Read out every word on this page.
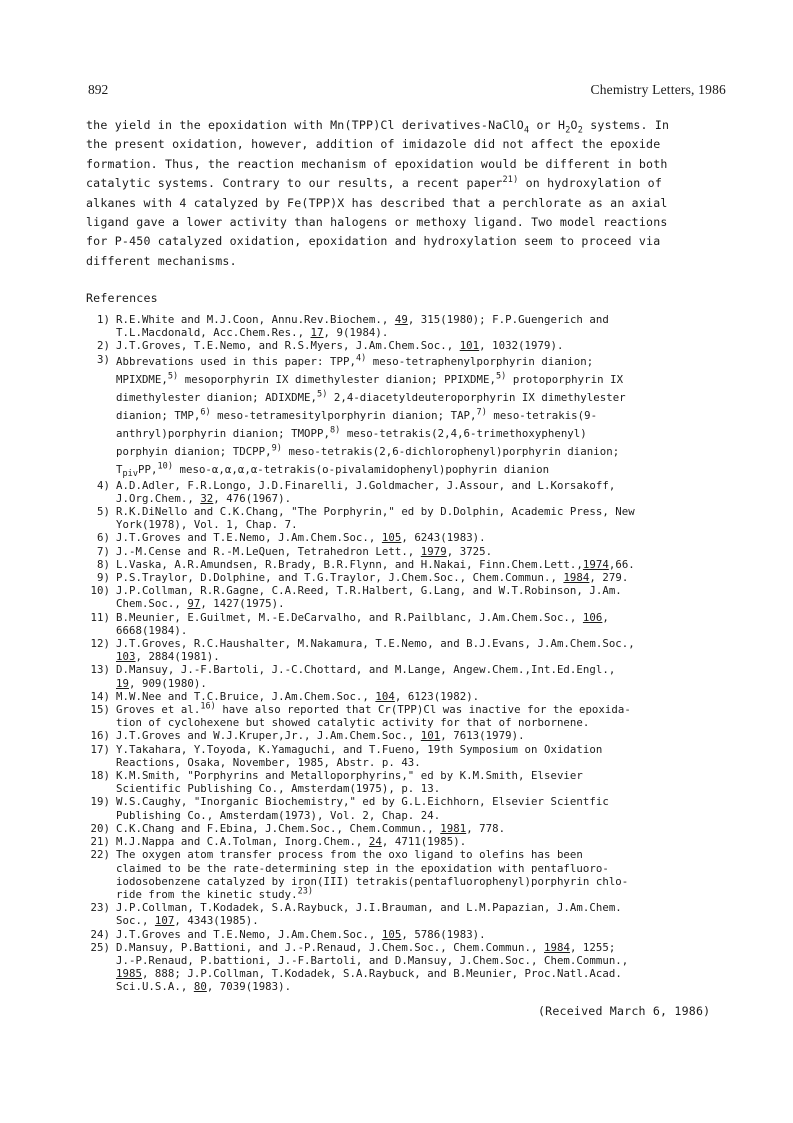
892	Chemistry Letters, 1986
the yield in the epoxidation with Mn(TPP)Cl derivatives-NaClO$_4$ or $H_2O_2$ systems. In
the present oxidation, however, addition of imidazole did not affect the epoxide
formation. Thus, the reaction mechanism of epoxidation would be different in both
catalytic systems. Contrary to our results, a recent paper$^{21)}$ on hydroxylation of
alkanes with 4 catalyzed by Fe(TPP)X has described that a perchlorate as an axial
ligand gave a lower activity than halogens or methoxy ligand. Two model reactions
for P-450 catalyzed oxidation, epoxidation and hydroxylation seem to proceed via
different mechanisms.
References
1) R.E.White and M.J.Coon, Annu.Rev.Biochem., 49, 315(1980); F.P.Guengerich and
T.L.Macdonald, Acc.Chem.Res., 17, 9(1984).
2) J.T.Groves, T.E.Nemo, and R.S.Myers, J.Am.Chem.Soc., 101, 1032(1979).
3) Abbrevations used in this paper: TPP,$^{4)}$ meso-tetraphenylporphyrin dianion;
MPIXDME,$^{5)}$ mesoporphyrin IX dimethylester dianion; PPIXDME,$^{5)}$ protoporphyrin IX
dimethylester dianion; ADIXDME,$^{5)}$ 2,4-diacetyldeuteroporphyrin IX dimethylester
dianion; TMP,$^{6)}$ meso-tetramesitylporphyrin dianion; TAP,$^{7)}$ meso-tetrakis(9-
anthryl)porphyrin dianion; TMOPP,$^{8)}$ meso-tetrakis(2,4,6-trimethoxyphenyl)
porphyin dianion; TDCPP,$^{9)}$ meso-tetrakis(2,6-dichlorophenyl)porphyrin dianion;
$T_{piv}PP,^{10)}$ meso-α,α,α,α-tetrakis(o-pivalamidophenyl)pophyrin dianion
4) A.D.Adler, F.R.Longo, J.D.Finarelli, J.Goldmacher, J.Assour, and L.Korsakoff,
J.Org.Chem., 32, 476(1967).
5) R.K.DiNello and C.K.Chang, "The Porphyrin," ed by D.Dolphin, Academic Press, New
York(1978), Vol. 1, Chap. 7.
6) J.T.Groves and T.E.Nemo, J.Am.Chem.Soc., 105, 6243(1983).
7) J.-M.Cense and R.-M.LeQuen, Tetrahedron Lett., 1979, 3725.
8) L.Vaska, A.R.Amundsen, R.Brady, B.R.Flynn, and H.Nakai, Finn.Chem.Lett.,1974,66.
9) P.S.Traylor, D.Dolphine, and T.G.Traylor, J.Chem.Soc., Chem.Commun., 1984, 279.
10) J.P.Collman, R.R.Gagne, C.A.Reed, T.R.Halbert, G.Lang, and W.T.Robinson, J.Am.
Chem.Soc., 97, 1427(1975).
11) B.Meunier, E.Guilmet, M.-E.DeCarvalho, and R.Pailblanc, J.Am.Chem.Soc., 106,
6668(1984).
12) J.T.Groves, R.C.Haushalter, M.Nakamura, T.E.Nemo, and B.J.Evans, J.Am.Chem.Soc.,
103, 2884(1981).
13) D.Mansuy, J.-F.Bartoli, J.-C.Chottard, and M.Lange, Angew.Chem.,Int.Ed.Engl.,
19, 909(1980).
14) M.W.Nee and T.C.Bruice, J.Am.Chem.Soc., 104, 6123(1982).
15) Groves et al.$^{16)}$ have also reported that Cr(TPP)Cl was inactive for the epoxida-
tion of cyclohexene but showed catalytic activity for that of norbornene.
16) J.T.Groves and W.J.Kruper,Jr., J.Am.Chem.Soc., 101, 7613(1979).
17) Y.Takahara, Y.Toyoda, K.Yamaguchi, and T.Fueno, 19th Symposium on Oxidation
Reactions, Osaka, November, 1985, Abstr. p. 43.
18) K.M.Smith, "Porphyrins and Metalloporphyrins," ed by K.M.Smith, Elsevier
Scientific Publishing Co., Amsterdam(1975), p. 13.
19) W.S.Caughy, "Inorganic Biochemistry," ed by G.L.Eichhorn, Elsevier Scientfic
Publishing Co., Amsterdam(1973), Vol. 2, Chap. 24.
20) C.K.Chang and F.Ebina, J.Chem.Soc., Chem.Commun., 1981, 778.
21) M.J.Nappa and C.A.Tolman, Inorg.Chem., 24, 4711(1985).
22) The oxygen atom transfer process from the oxo ligand to olefins has been
claimed to be the rate-determining step in the epoxidation with pentafluoro-
iodosobenzene catalyzed by iron(III) tetrakis(pentafluorophenyl)porphyrin chlo-
ride from the kinetic study.$^{23)}$
23) J.P.Collman, T.Kodadek, S.A.Raybuck, J.I.Brauman, and L.M.Papazian, J.Am.Chem.
Soc., 107, 4343(1985).
24) J.T.Groves and T.E.Nemo, J.Am.Chem.Soc., 105, 5786(1983).
25) D.Mansuy, P.Battioni, and J.-P.Renaud, J.Chem.Soc., Chem.Commun., 1984, 1255;
J.-P.Renaud, P.battioni, J.-F.Bartoli, and D.Mansuy, J.Chem.Soc., Chem.Commun.,
1985, 888; J.P.Collman, T.Kodadek, S.A.Raybuck, and B.Meunier, Proc.Natl.Acad.
Sci.U.S.A., 80, 7039(1983).
(Received March 6, 1986)
